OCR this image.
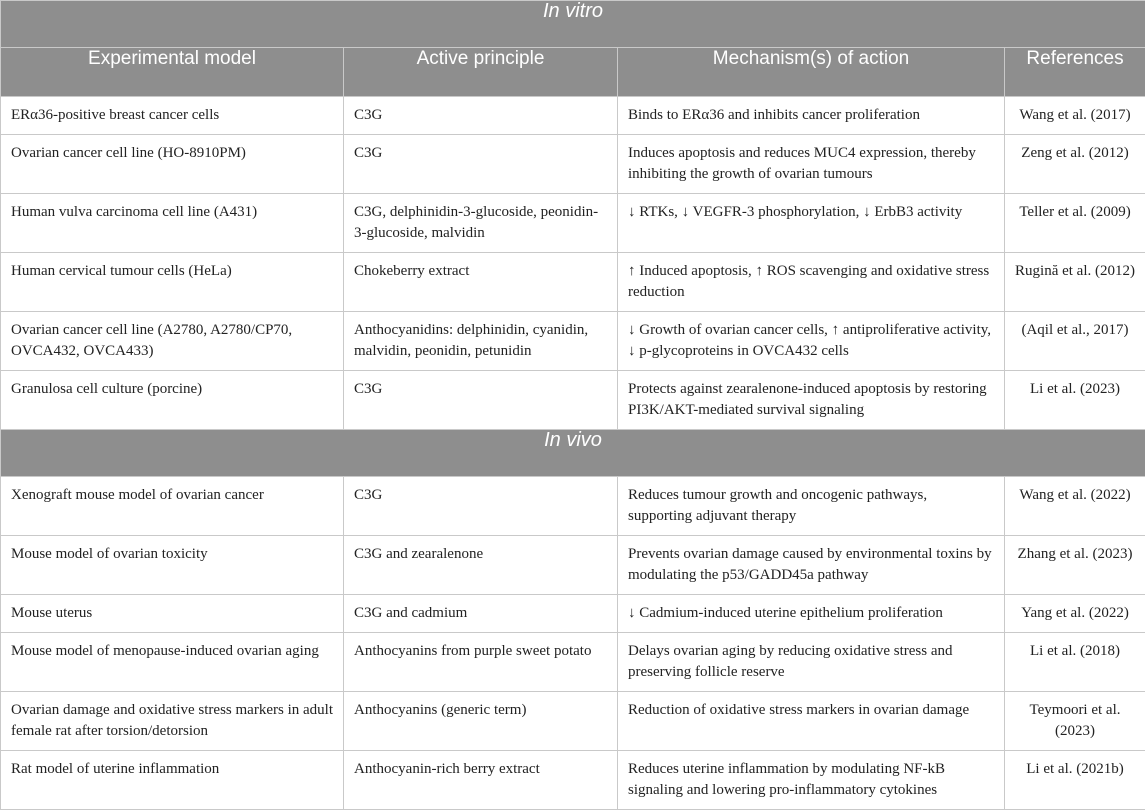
In vitro			
Experimental model	Active principle	Mechanism(s) of action	References
ERα36-positive breast cancer cells	C3G	Binds to ERα36 and inhibits cancer proliferation	Wang et al. (2017)
Ovarian cancer cell line (HO-8910PM)	C3G	Induces apoptosis and reduces MUC4 expression, thereby inhibiting the growth of ovarian tumours	Zeng et al. (2012)
Human vulva carcinoma cell line (A431)	C3G, delphinidin-3-glucoside, peonidin-3-glucoside, malvidin	↓ RTKs, ↓ VEGFR-3 phosphorylation, ↓ ErbB3 activity	Teller et al. (2009)
Human cervical tumour cells (HeLa)	Chokeberry extract	↑ Induced apoptosis, ↑ ROS scavenging and oxidative stress reduction	Rugină et al. (2012)
Ovarian cancer cell line (A2780, A2780/CP70, OVCA432, OVCA433)	Anthocyanidins: delphinidin, cyanidin, malvidin, peonidin, petunidin	↓ Growth of ovarian cancer cells, ↑ antiproliferative activity, ↓ p-glycoproteins in OVCA432 cells	(Aqil et al., 2017)
Granulosa cell culture (porcine)	C3G	Protects against zearalenone-induced apoptosis by restoring PI3K/AKT-mediated survival signaling	Li et al. (2023)
In vivo			
Xenograft mouse model of ovarian cancer	C3G	Reduces tumour growth and oncogenic pathways, supporting adjuvant therapy	Wang et al. (2022)
Mouse model of ovarian toxicity	C3G and zearalenone	Prevents ovarian damage caused by environmental toxins by modulating the p53/GADD45a pathway	Zhang et al. (2023)
Mouse uterus	C3G and cadmium	↓ Cadmium-induced uterine epithelium proliferation	Yang et al. (2022)
Mouse model of menopause-induced ovarian aging	Anthocyanins from purple sweet potato	Delays ovarian aging by reducing oxidative stress and preserving follicle reserve	Li et al. (2018)
Ovarian damage and oxidative stress markers in adult female rat after torsion/detorsion	Anthocyanins (generic term)	Reduction of oxidative stress markers in ovarian damage	Teymoori et al. (2023)
Rat model of uterine inflammation	Anthocyanin-rich berry extract	Reduces uterine inflammation by modulating NF-kB signaling and lowering pro-inflammatory cytokines	Li et al. (2021b)
